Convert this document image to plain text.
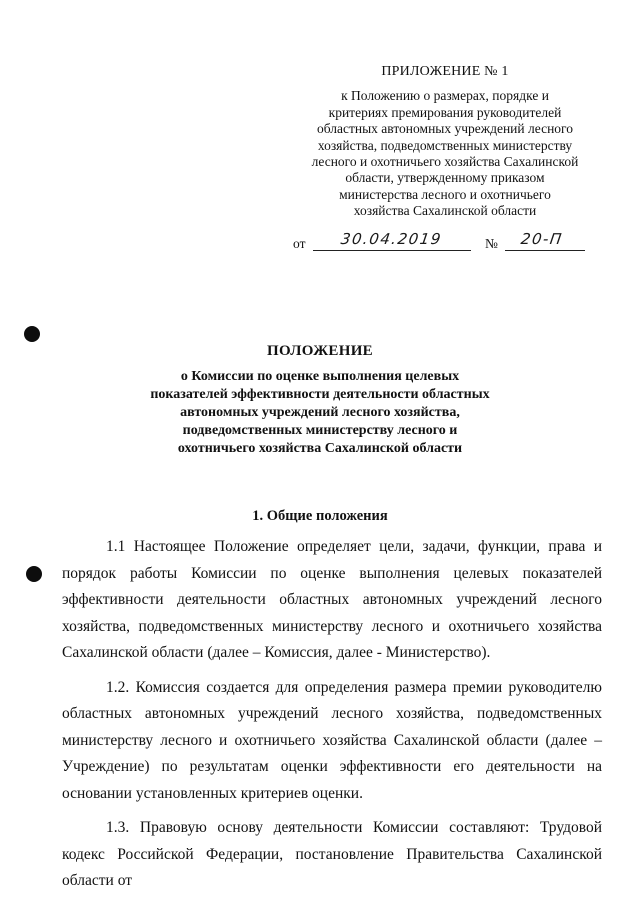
ПРИЛОЖЕНИЕ № 1
к Положению о размерах, порядке и
критериях премирования руководителей
областных автономных учреждений лесного
хозяйства, подведомственных министерству
лесного и охотничьего хозяйства Сахалинской
области, утвержденному приказом
министерства лесного и охотничьего
хозяйства Сахалинской области
от 30.04.2019	№ 20-П
ПОЛОЖЕНИЕ
о Комиссии по оценке выполнения целевых
показателей эффективности деятельности областных
автономных учреждений лесного хозяйства,
подведомственных министерству лесного и
охотничьего хозяйства Сахалинской области
1. Общие положения

1.1 Настоящее Положение определяет цели, задачи, функции, права и порядок работы Комиссии по оценке выполнения целевых показателей эффективности деятельности областных автономных учреждений лесного хозяйства, подведомственных министерству лесного и охотничьего хозяйства Сахалинской области (далее – Комиссия, далее - Министерство).

1.2. Комиссия создается для определения размера премии руководителю областных автономных учреждений лесного хозяйства, подведомственных министерству лесного и охотничьего хозяйства Сахалинской области (далее – Учреждение) по результатам оценки эффективности его деятельности на основании установленных критериев оценки.

1.3. Правовую основу деятельности Комиссии составляют: Трудовой кодекс Российской Федерации, постановление Правительства Сахалинской области от
